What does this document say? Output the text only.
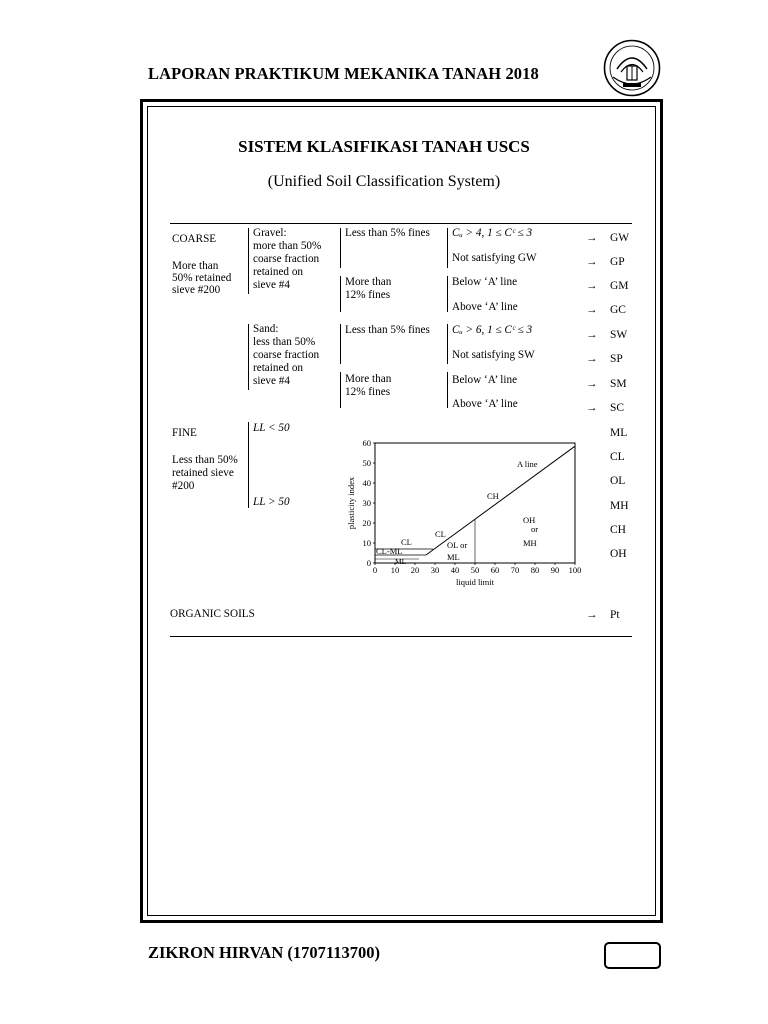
LAPORAN PRAKTIKUM MEKANIKA TANAH 2018
SISTEM KLASIFIKASI TANAH USCS
(Unified Soil Classification System)
COARSE
More than
50% retained
sieve #200
Gravel:
more than 50%
coarse fraction
retained on
sieve #4
Sand:
less than 50%
coarse fraction
retained on
sieve #4
Less than 5% fines
More than
12% fines
Less than 5% fines
More than
12% fines
Cᵤ > 4, 1 ≤ Cᶜ ≤ 3
Not satisfying GW
Below ‘A’ line
Above ‘A’ line
Cᵤ > 6, 1 ≤ Cᶜ ≤ 3
Not satisfying SW
Below ‘A’ line
Above ‘A’ line
→ GW
→ GP
→ GM
→ GC
→ SW
→ SP
→ SM
→ SC
FINE
Less than 50%
retained sieve
#200
LL < 50
LL > 50
ML
CL
OL
MH
CH
OH
0 10 20 30 40 50 60 70 80 90 100
0
10
20
30
40
50
60
liquid limit
plasticity index
A line
CH
CL
OH
or
MH
OL or
ML
CL-ML
ML
CL
ORGANIC SOILS	→ Pt
ZIKRON HIRVAN (1707113700)
